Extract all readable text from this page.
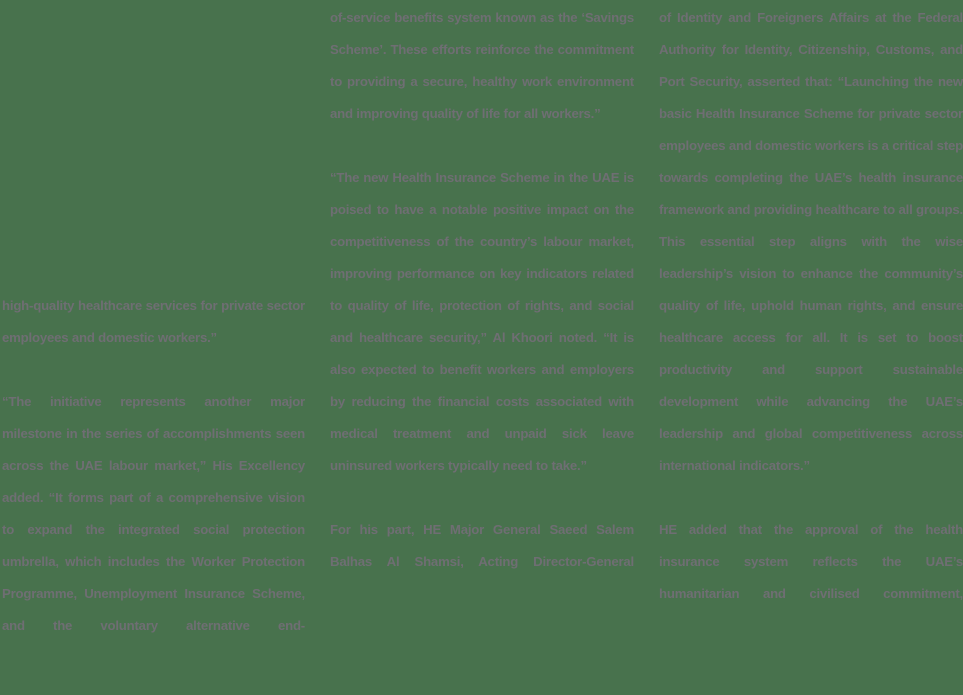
high-quality healthcare services for private sector employees and domestic workers.”

“The initiative represents another major milestone in the series of accomplishments seen across the UAE labour market,” His Excellency added. “It forms part of a comprehensive vision to expand the integrated social protection umbrella, which includes the Worker Protection Programme, Unemployment Insurance Scheme, and the voluntary alternative end-

of-service benefits system known as the ‘Savings Scheme’. These efforts reinforce the commitment to providing a secure, healthy work environment and improving quality of life for all workers.”

“The new Health Insurance Scheme in the UAE is poised to have a notable positive impact on the competitiveness of the country’s labour market, improving performance on key indicators related to quality of life, protection of rights, and social and healthcare security,” Al Khoori noted. “It is also expected to benefit workers and employers by reducing the financial costs associated with medical treatment and unpaid sick leave uninsured workers typically need to take.”

For his part, HE Major General Saeed Salem Balhas Al Shamsi, Acting Director-General

of Identity and Foreigners Affairs at the Federal Authority for Identity, Citizenship, Customs, and Port Security, asserted that: “Launching the new basic Health Insurance Scheme for private sector employees and domestic workers is a critical step towards completing the UAE’s health insurance framework and providing healthcare to all groups. This essential step aligns with the wise leadership’s vision to enhance the community’s quality of life, uphold human rights, and ensure healthcare access for all. It is set to boost productivity and support sustainable development while advancing the UAE’s leadership and global competitiveness across international indicators.”

HE added that the approval of the health insurance system reflects the UAE’s humanitarian and civilised commitment,
